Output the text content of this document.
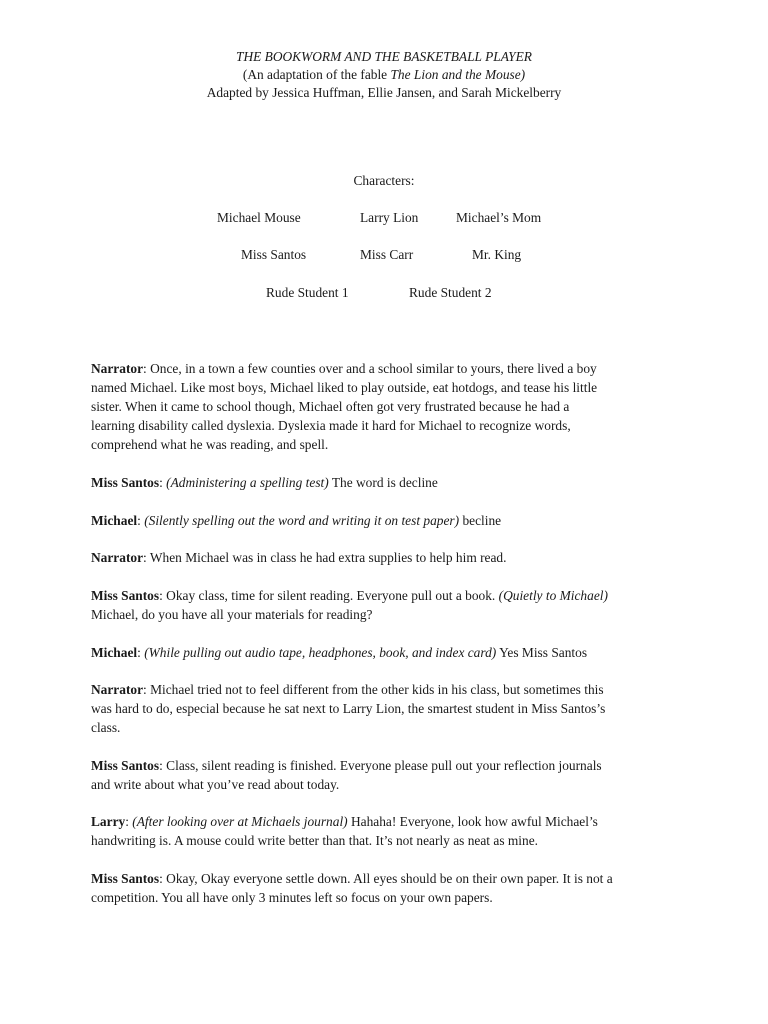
THE BOOKWORM AND THE BASKETBALL PLAYER
(An adaptation of the fable The Lion and the Mouse)
Adapted by Jessica Huffman, Ellie Jansen, and Sarah Mickelberry
Characters:
Michael Mouse	Larry Lion	Michael’s Mom
Miss Santos	Miss Carr	Mr. King
Rude Student 1	Rude Student 2
Narrator: Once, in a town a few counties over and a school similar to yours, there lived a boy
named Michael. Like most boys, Michael liked to play outside, eat hotdogs, and tease his little
sister. When it came to school though, Michael often got very frustrated because he had a
learning disability called dyslexia. Dyslexia made it hard for Michael to recognize words,
comprehend what he was reading, and spell.
Miss Santos: (Administering a spelling test) The word is decline
Michael: (Silently spelling out the word and writing it on test paper) becline
Narrator: When Michael was in class he had extra supplies to help him read.
Miss Santos: Okay class, time for silent reading. Everyone pull out a book. (Quietly to Michael)
Michael, do you have all your materials for reading?
Michael: (While pulling out audio tape, headphones, book, and index card) Yes Miss Santos
Narrator: Michael tried not to feel different from the other kids in his class, but sometimes this
was hard to do, especial because he sat next to Larry Lion, the smartest student in Miss Santos’s
class.
Miss Santos: Class, silent reading is finished. Everyone please pull out your reflection journals
and write about what you’ve read about today.
Larry: (After looking over at Michaels journal) Hahaha! Everyone, look how awful Michael’s
handwriting is. A mouse could write better than that. It’s not nearly as neat as mine.
Miss Santos: Okay, Okay everyone settle down. All eyes should be on their own paper. It is not a
competition. You all have only 3 minutes left so focus on your own papers.
